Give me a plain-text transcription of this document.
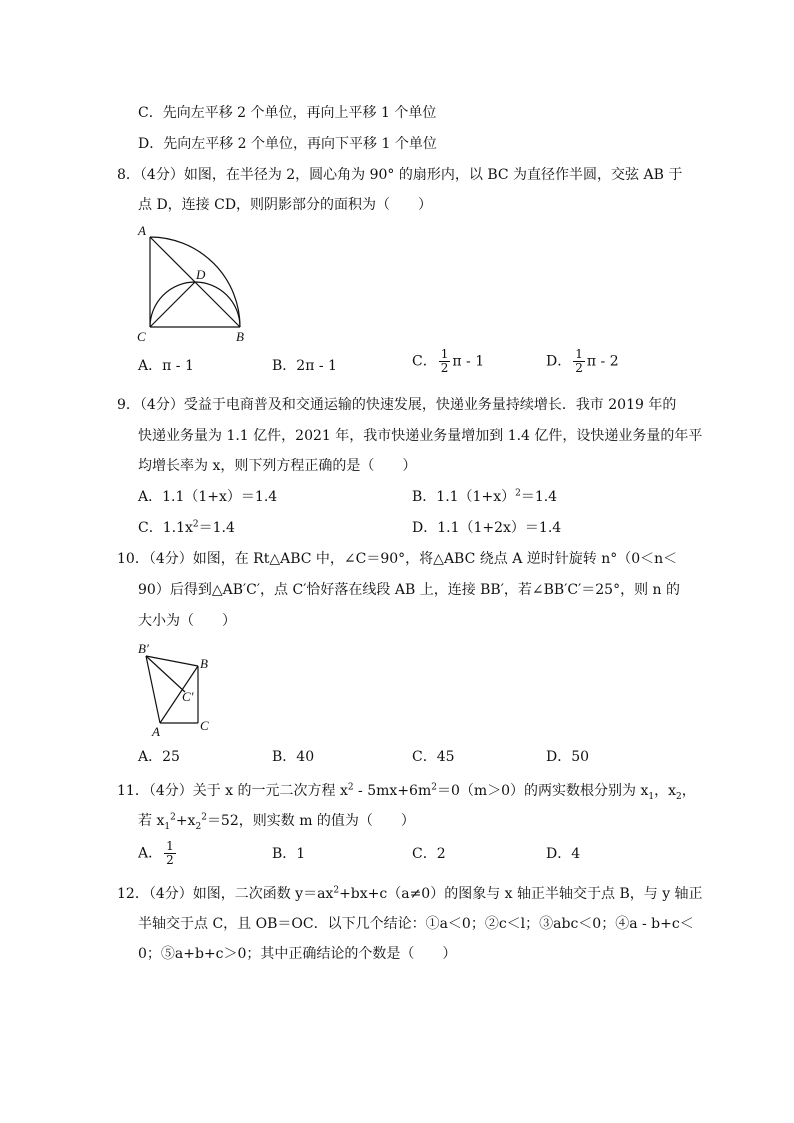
C．先向左平移 2 个单位，再向上平移 1 个单位
D．先向左平移 2 个单位，再向下平移 1 个单位
8．（4分）如图，在半径为 2，圆心角为 90° 的扇形内，以 BC 为直径作半圆，交弦 AB 于
点 D，连接 CD，则阴影部分的面积为（　　）
A
D
C	B
A．π - 1	B．2π - 1	C． $\frac{1}{2}$ π - 1	D． $\frac{1}{2}$ π - 2
9．（4分）受益于电商普及和交通运输的快速发展，快递业务量持续增长．我市 2019 年的
快递业务量为 1.1 亿件，2021 年，我市快递业务量增加到 1.4 亿件，设快递业务量的年平
均增长率为 x，则下列方程正确的是（　　）
A．1.1（1+x）＝1.4	B．$1.1(1+x)^2=1.4$
C．$1.1x^2=1.4$	D．1.1（1+2x）＝1.4
10．（4分）如图，在 Rt△ABC 中，∠C＝90°，将△ABC 绕点 A 逆时针旋转 n°（0＜n＜
90）后得到△AB′C′，点 C′恰好落在线段 AB 上，连接 BB′，若∠BB′C′＝25°，则 n 的
大小为（　　）
B′
B
C′
A	C
A．25	B．40	C．45	D．50
11．（4分）关于 x 的一元二次方程 $x^2 - 5mx+6m^2=0(m>0)$的两实数根分别为 $x_1$，$x_2$，
若 $x_1^2+x_2^2=52$，则实数 m 的值为（　　）
A． $\frac{1}{2}$	B．1	C．2	D．4
12．（4分）如图，二次函数 $y=ax^2+bx+c(a\ne 0)$的图象与 x 轴正半轴交于点 B，与 y 轴正
半轴交于点 C，且 OB＝OC．以下几个结论：①a＜0；②c＜l；③abc＜0；④a - b+c＜
0；⑤a+b+c＞0；其中正确结论的个数是（　　）
